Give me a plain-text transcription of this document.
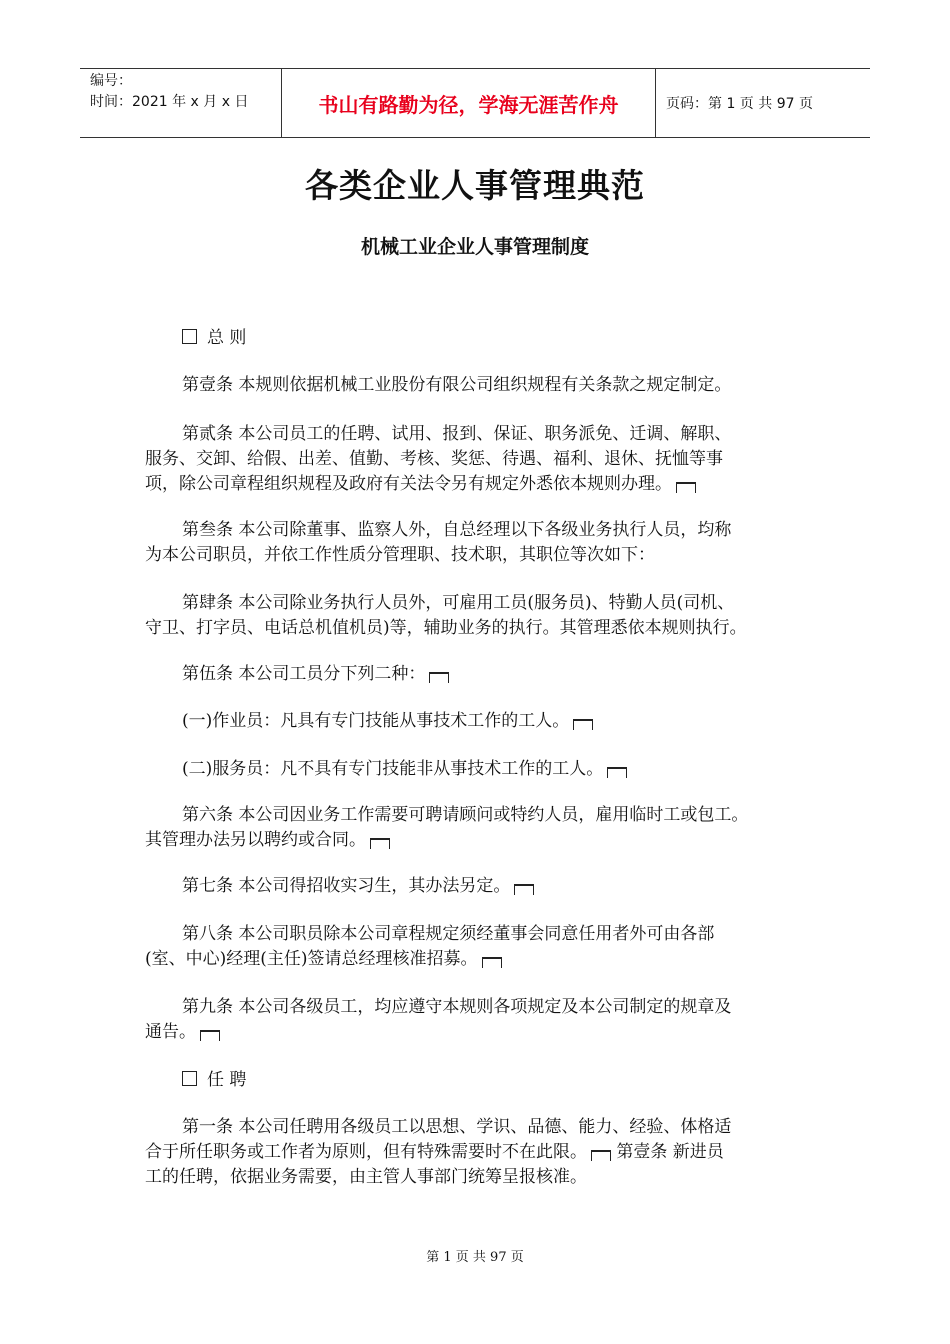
编号：
时间：2021 年 x 月 x 日	书山有路勤为径，学海无涯苦作舟	页码：第 1 页 共 97 页
各类企业人事管理典范
机械工业企业人事管理制度
总 则
第壹条 本规则依据机械工业股份有限公司组织规程有关条款之规定制定。
第贰条 本公司员工的任聘、试用、报到、保证、职务派免、迁调、解职、
服务、交卸、给假、出差、值勤、考核、奖惩、待遇、福利、退休、抚恤等事
项，除公司章程组织规程及政府有关法令另有规定外悉依本规则办理。
第叁条 本公司除董事、监察人外，自总经理以下各级业务执行人员，均称
为本公司职员，并依工作性质分管理职、技术职，其职位等次如下：
第肆条 本公司除业务执行人员外，可雇用工员(服务员)、特勤人员(司机、
守卫、打字员、电话总机值机员)等，辅助业务的执行。其管理悉依本规则执行。
第伍条 本公司工员分下列二种：
(一)作业员：凡具有专门技能从事技术工作的工人。
(二)服务员：凡不具有专门技能非从事技术工作的工人。
第六条 本公司因业务工作需要可聘请顾问或特约人员，雇用临时工或包工。
其管理办法另以聘约或合同。
第七条 本公司得招收实习生，其办法另定。
第八条 本公司职员除本公司章程规定须经董事会同意任用者外可由各部
(室、中心)经理(主任)签请总经理核准招募。
第九条 本公司各级员工，均应遵守本规则各项规定及本公司制定的规章及
通告。
任 聘
第一条 本公司任聘用各级员工以思想、学识、品德、能力、经验、体格适
合于所任职务或工作者为原则，但有特殊需要时不在此限。 第壹条 新进员
工的任聘，依据业务需要，由主管人事部门统筹呈报核准。
第 1 页 共 97 页
